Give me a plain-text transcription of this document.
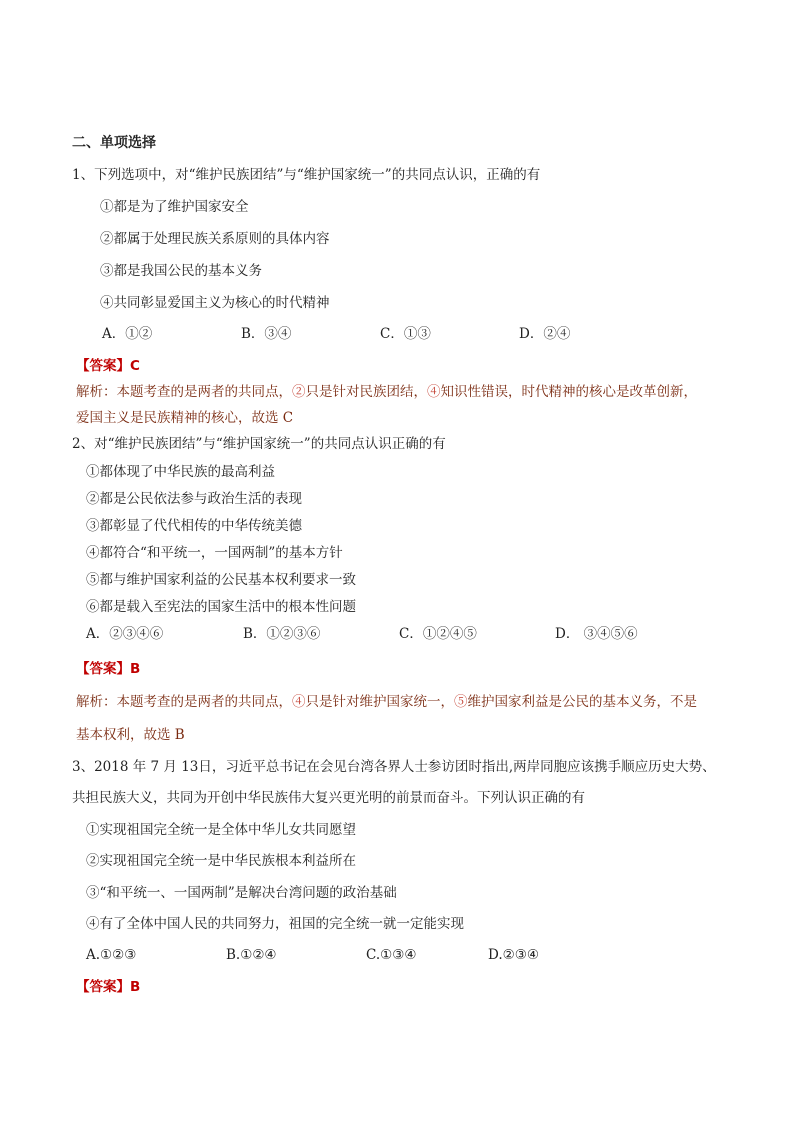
二、单项选择
1、下列选项中，对“维护民族团结”与“维护国家统一”的共同点认识，正确的有
①都是为了维护国家安全
②都属于处理民族关系原则的具体内容
③都是我国公民的基本义务
④共同彰显爱国主义为核心的时代精神
A．①②	B．③④	C．①③	D．②④
【答案】C
解析：本题考查的是两者的共同点，②只是针对民族团结，④知识性错误，时代精神的核心是改革创新，
爱国主义是民族精神的核心，故选 C
2、对“维护民族团结”与“维护国家统一”的共同点认识正确的有
①都体现了中华民族的最高利益
②都是公民依法参与政治生活的表现
③都彰显了代代相传的中华传统美德
④都符合“和平统一，一国两制”的基本方针
⑤都与维护国家利益的公民基本权利要求一致
⑥都是载入至宪法的国家生活中的根本性问题
A．②③④⑥	B．①②③⑥	C．①②④⑤	D． ③④⑤⑥
【答案】B
解析：本题考查的是两者的共同点，④只是针对维护国家统一，⑤维护国家利益是公民的基本义务，不是
基本权利，故选 B
3、2018 年 7 月 13日，习近平总书记在会见台湾各界人士参访团时指出,两岸同胞应该携手顺应历史大势、
共担民族大义，共同为开创中华民族伟大复兴更光明的前景而奋斗。下列认识正确的有
①实现祖国完全统一是全体中华儿女共同愿望
②实现祖国完全统一是中华民族根本利益所在
③“和平统一、一国两制”是解决台湾问题的政治基础
④有了全体中国人民的共同努力，祖国的完全统一就一定能实现
A.①②③	B.①②④	C.①③④	D.②③④
【答案】B
